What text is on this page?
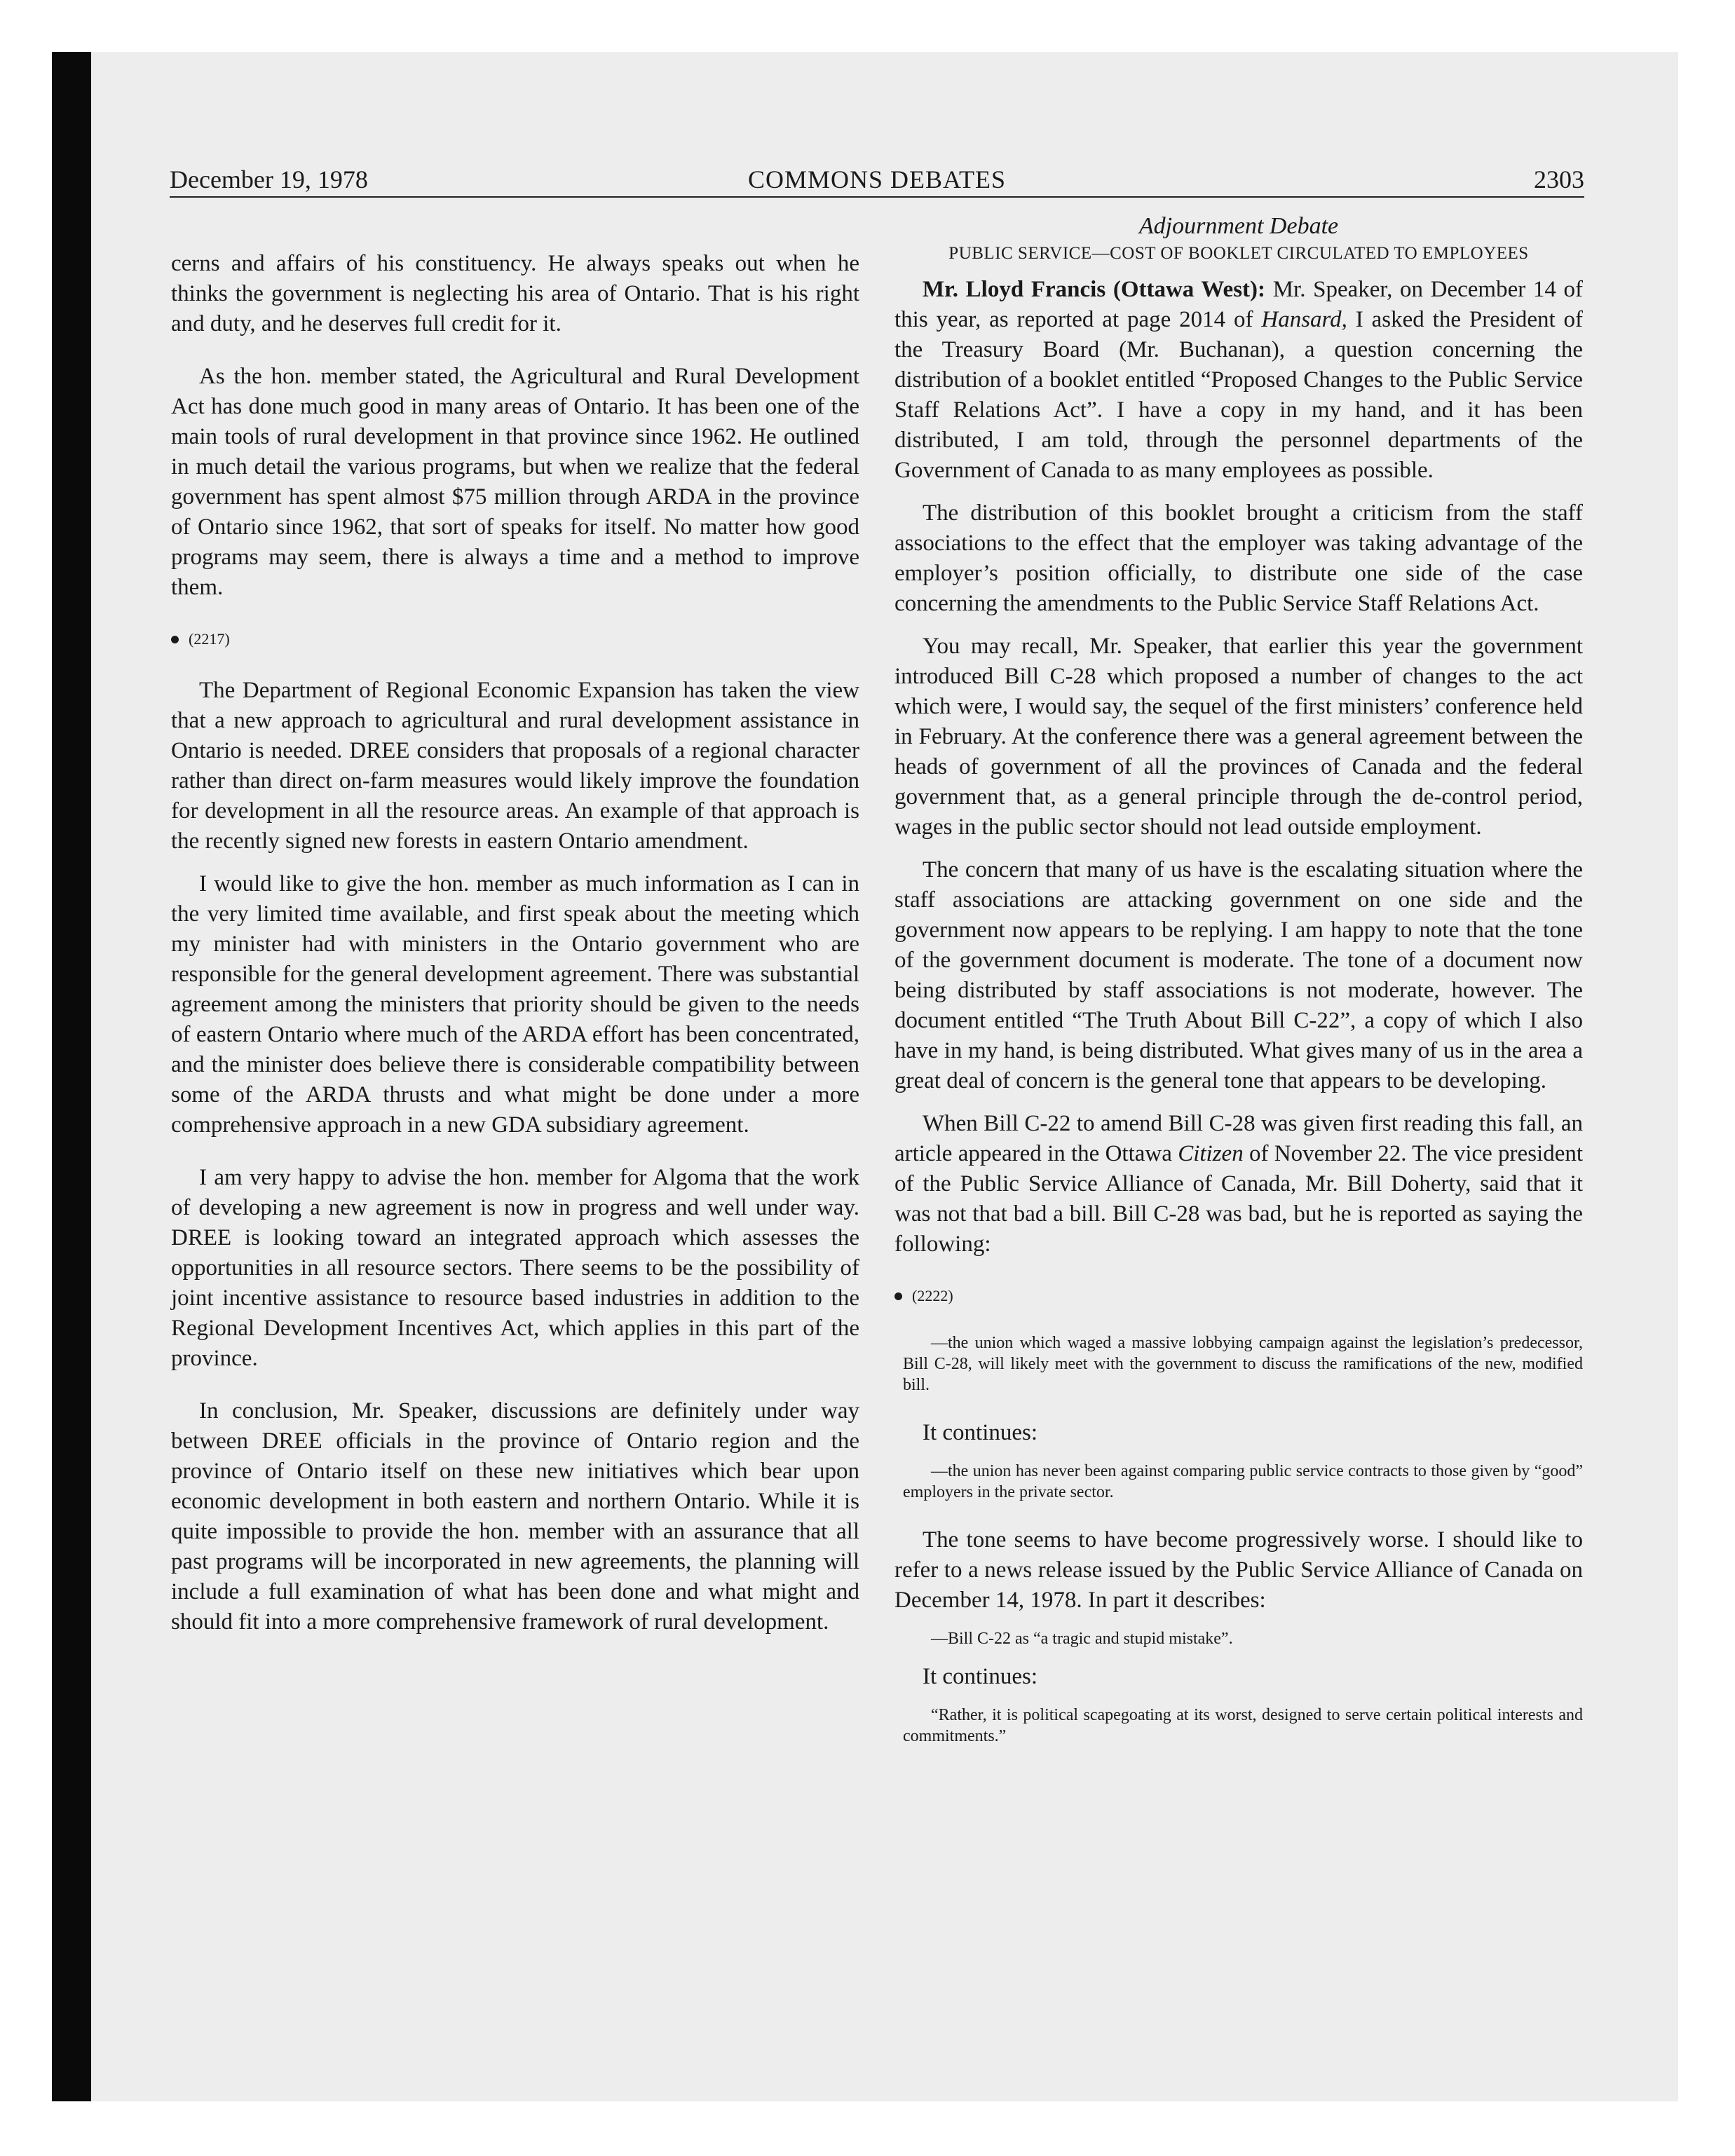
December 19, 1978	COMMONS DEBATES	2303

cerns and affairs of his constituency. He always speaks out when he thinks the government is neglecting his area of Ontario. That is his right and duty, and he deserves full credit for it.

As the hon. member stated, the Agricultural and Rural Development Act has done much good in many areas of Ontario. It has been one of the main tools of rural development in that province since 1962. He outlined in much detail the various programs, but when we realize that the federal government has spent almost $75 million through ARDA in the province of Ontario since 1962, that sort of speaks for itself. No matter how good programs may seem, there is always a time and a method to improve them.

(2217)

The Department of Regional Economic Expansion has taken the view that a new approach to agricultural and rural development assistance in Ontario is needed. DREE considers that proposals of a regional character rather than direct on-farm measures would likely improve the foundation for development in all the resource areas. An example of that approach is the recently signed new forests in eastern Ontario amendment.

I would like to give the hon. member as much information as I can in the very limited time available, and first speak about the meeting which my minister had with ministers in the Ontario government who are responsible for the general development agreement. There was substantial agreement among the ministers that priority should be given to the needs of eastern Ontario where much of the ARDA effort has been concentrated, and the minister does believe there is considerable compatibility between some of the ARDA thrusts and what might be done under a more comprehensive approach in a new GDA subsidiary agreement.

I am very happy to advise the hon. member for Algoma that the work of developing a new agreement is now in progress and well under way. DREE is looking toward an integrated approach which assesses the opportunities in all resource sectors. There seems to be the possibility of joint incentive assistance to resource based industries in addition to the Regional Development Incentives Act, which applies in this part of the province.

In conclusion, Mr. Speaker, discussions are definitely under way between DREE officials in the province of Ontario region and the province of Ontario itself on these new initiatives which bear upon economic development in both eastern and northern Ontario. While it is quite impossible to provide the hon. member with an assurance that all past programs will be incorporated in new agreements, the planning will include a full examination of what has been done and what might and should fit into a more comprehensive framework of rural development.

Adjournment Debate
PUBLIC SERVICE—COST OF BOOKLET CIRCULATED TO EMPLOYEES

Mr. Lloyd Francis (Ottawa West): Mr. Speaker, on December 14 of this year, as reported at page 2014 of Hansard, I asked the President of the Treasury Board (Mr. Buchanan), a question concerning the distribution of a booklet entitled “Proposed Changes to the Public Service Staff Relations Act”. I have a copy in my hand, and it has been distributed, I am told, through the personnel departments of the Government of Canada to as many employees as possible.

The distribution of this booklet brought a criticism from the staff associations to the effect that the employer was taking advantage of the employer’s position officially, to distribute one side of the case concerning the amendments to the Public Service Staff Relations Act.

You may recall, Mr. Speaker, that earlier this year the government introduced Bill C-28 which proposed a number of changes to the act which were, I would say, the sequel of the first ministers’ conference held in February. At the conference there was a general agreement between the heads of government of all the provinces of Canada and the federal government that, as a general principle through the de-control period, wages in the public sector should not lead outside employment.

The concern that many of us have is the escalating situation where the staff associations are attacking government on one side and the government now appears to be replying. I am happy to note that the tone of the government document is moderate. The tone of a document now being distributed by staff associations is not moderate, however. The document entitled “The Truth About Bill C-22”, a copy of which I also have in my hand, is being distributed. What gives many of us in the area a great deal of concern is the general tone that appears to be developing.

When Bill C-22 to amend Bill C-28 was given first reading this fall, an article appeared in the Ottawa Citizen of November 22. The vice president of the Public Service Alliance of Canada, Mr. Bill Doherty, said that it was not that bad a bill. Bill C-28 was bad, but he is reported as saying the following:

(2222)

—the union which waged a massive lobbying campaign against the legislation’s predecessor, Bill C-28, will likely meet with the government to discuss the ramifications of the new, modified bill.

It continues:

—the union has never been against comparing public service contracts to those given by “good” employers in the private sector.

The tone seems to have become progressively worse. I should like to refer to a news release issued by the Public Service Alliance of Canada on December 14, 1978. In part it describes:

—Bill C-22 as “a tragic and stupid mistake”.

It continues:

“Rather, it is political scapegoating at its worst, designed to serve certain political interests and commitments.”
